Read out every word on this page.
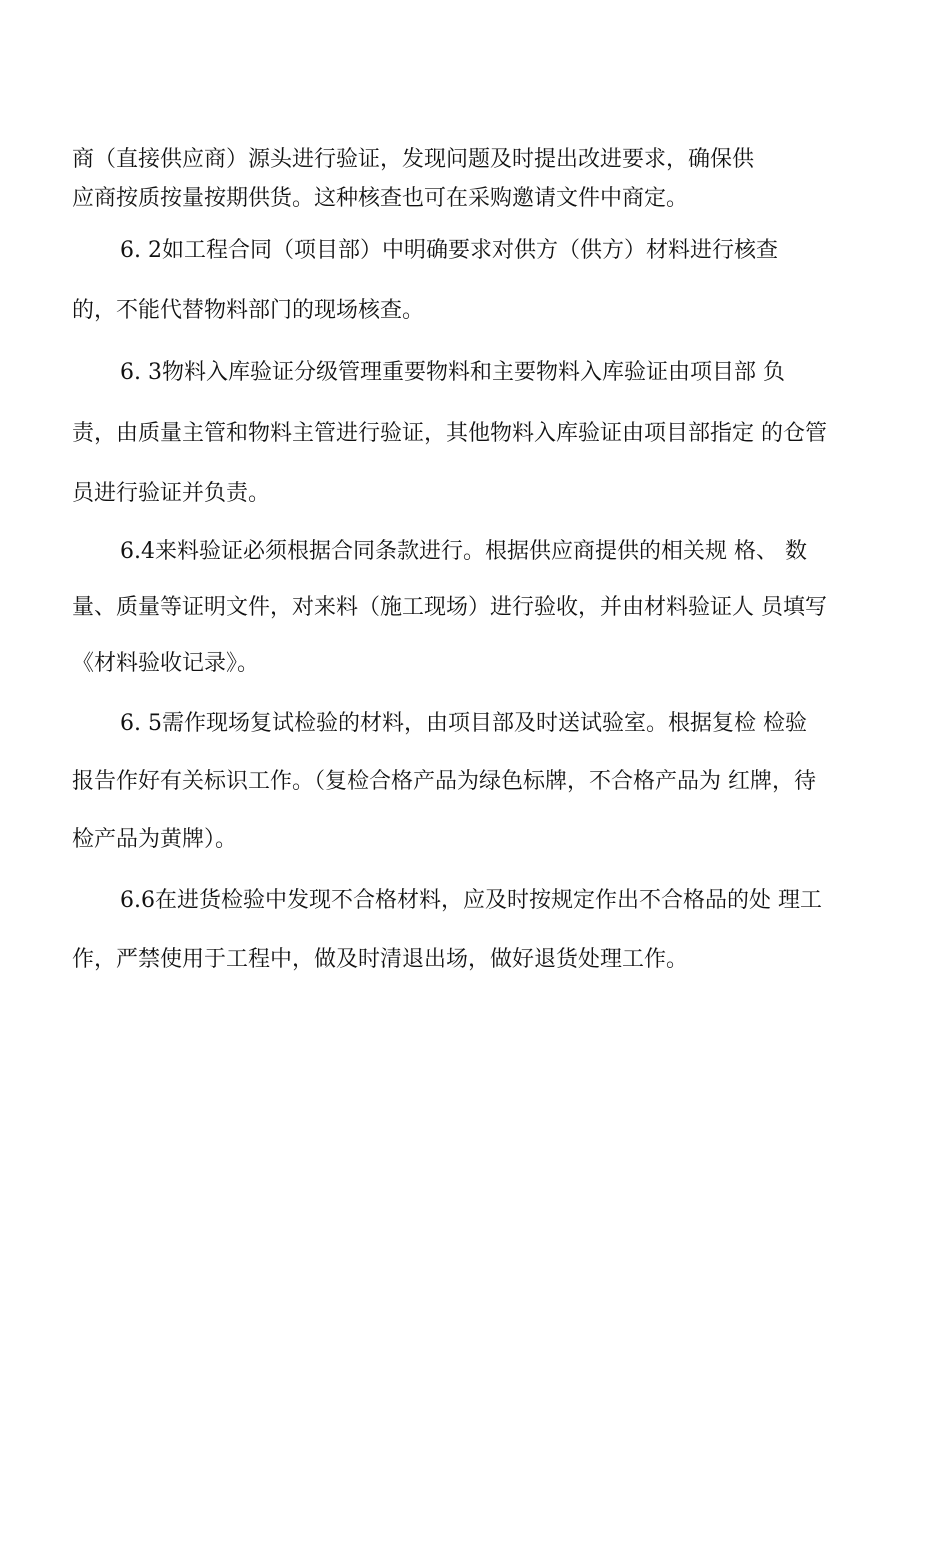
商（直接供应商）源头进行验证，发现问题及时提出改进要求，确保供
应商按质按量按期供货。这种核查也可在采购邀请文件中商定。
6. 2如工程合同（项目部）中明确要求对供方（供方）材料进行核查
的，不能代替物料部门的现场核查。
6. 3物料入库验证分级管理重要物料和主要物料入库验证由项目部 负
责，由质量主管和物料主管进行验证，其他物料入库验证由项目部指定 的仓管
员进行验证并负责。
6.4来料验证必须根据合同条款进行。根据供应商提供的相关规 格、 数
量、质量等证明文件，对来料（施工现场）进行验收，并由材料验证人 员填写
《材料验收记录》。
6. 5需作现场复试检验的材料，由项目部及时送试验室。根据复检 检验
报告作好有关标识工作。（复检合格产品为绿色标牌，不合格产品为 红牌，待
检产品为黄牌）。
6.6在进货检验中发现不合格材料，应及时按规定作出不合格品的处 理工
作，严禁使用于工程中，做及时清退出场，做好退货处理工作。
